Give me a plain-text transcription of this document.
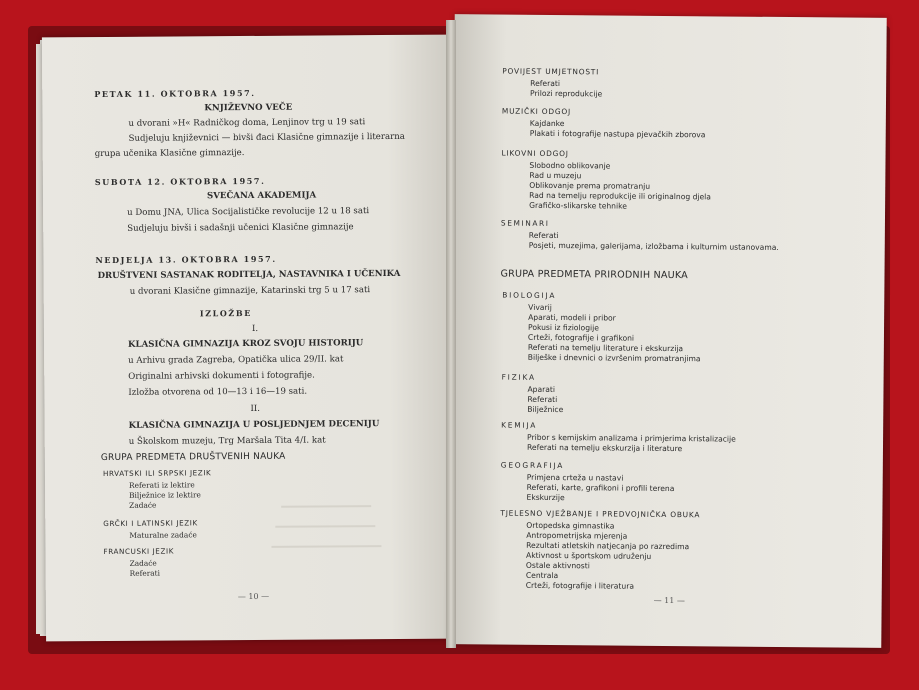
PETAK 11. OKTOBRA 1957.
KNJIŽEVNO VEČE
u dvorani »H« Radničkog doma, Lenjinov trg u 19 sati
Sudjeluju književnici — bivši đaci Klasične gimnazije i literarna
grupa učenika Klasične gimnazije.
SUBOTA 12. OKTOBRA 1957.
SVEČANA AKADEMIJA
u Domu JNA, Ulica Socijalističke revolucije 12 u 18 sati
Sudjeluju bivši i sadašnji učenici Klasične gimnazije
NEDJELJA 13. OKTOBRA 1957.
DRUŠTVENI SASTANAK RODITELJA, NASTAVNIKA I UČENIKA
u dvorani Klasične gimnazije, Katarinski trg 5 u 17 sati
IZLOŽBE
I.
KLASIČNA GIMNAZIJA KROZ SVOJU HISTORIJU
u Arhivu grada Zagreba, Opatička ulica 29/II. kat
Originalni arhivski dokumenti i fotografije.
Izložba otvorena od 10—13 i 16—19 sati.
II.
KLASIČNA GIMNAZIJA U POSLJEDNJEM DECENIJU
u Školskom muzeju, Trg Maršala Tita 4/I. kat
GRUPA PREDMETA DRUŠTVENIH NAUKA
HRVATSKI ILI SRPSKI JEZIK
Referati iz lektire
Bilježnice iz lektire
Zadaće
GRČKI I LATINSKI JEZIK
Maturalne zadaće
FRANCUSKI JEZIK
Zadaće
Referati
— 10 —
POVIJEST UMJETNOSTI
Referati
Prilozi reprodukcije
MUZIČKI ODGOJ
Kajdanke
Plakati i fotografije nastupa pjevačkih zborova
LIKOVNI ODGOJ
Slobodno oblikovanje
Rad u muzeju
Oblikovanje prema promatranju
Rad na temelju reprodukcije ili originalnog djela
Grafičko-slikarske tehnike
SEMINARI
Referati
Posjeti, muzejima, galerijama, izložbama i kulturnim ustanovama.
GRUPA PREDMETA PRIRODNIH NAUKA
BIOLOGIJA
Vivarij
Aparati, modeli i pribor
Pokusi iz fiziologije
Crteži, fotografije i grafikoni
Referati na temelju literature i ekskurzija
Bilješke i dnevnici o izvršenim promatranjima
FIZIKA
Aparati
Referati
Bilježnice
KEMIJA
Pribor s kemijskim analizama i primjerima kristalizacije
Referati na temelju ekskurzija i literature
GEOGRAFIJA
Primjena crteža u nastavi
Referati, karte, grafikoni i profili terena
Ekskurzije
TJELESNO VJEŽBANJE I PREDVOJNIČKA OBUKA
Ortopedska gimnastika
Antropometrijska mjerenja
Rezultati atletskih natjecanja po razredima
Aktivnost u športskom udruženju
Ostale aktivnosti
Centrala
Crteži, fotografije i literatura
— 11 —
